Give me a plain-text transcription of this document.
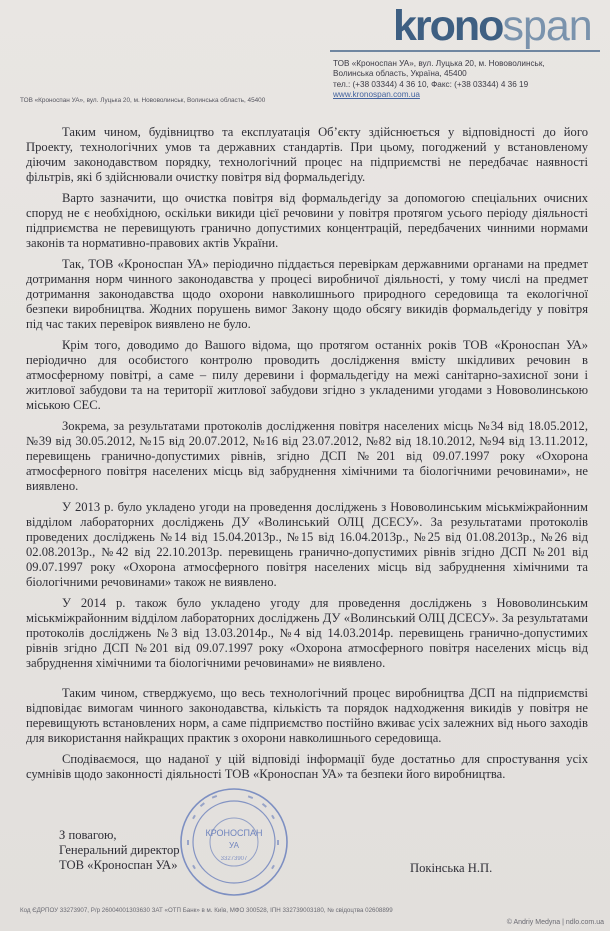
kronospan
ТОВ «Кроноспан УА», вул. Луцька 20, м. Нововолинськ,
Волинська область, Україна, 45400
тел.: (+38 03344) 4 36 10, Факс: (+38 03344) 4 36 19
www.kronospan.com.ua
ТОВ «Кроноспан УА», вул. Луцька 20, м. Нововолинськ, Волинська область, 45400

Таким чином, будівництво та експлуатація Об’єкту здійснюється у відповідності до його Проекту, технологічних умов та державних стандартів. При цьому, погоджений у встановленому діючим законодавством порядку, технологічний процес на підприємстві не передбачає наявності фільтрів, які б здійснювали очистку повітря від формальдегіду.

Варто зазначити, що очистка повітря від формальдегіду за допомогою спеціальних очисних споруд не є необхідною, оскільки викиди цієї речовини у повітря протягом усього періоду діяльності підприємства не перевищують гранично допустимих концентрацій, передбачених чинними нормами законів та нормативно-правових актів України.

Так, ТОВ «Кроноспан УА» періодично піддається перевіркам державними органами на предмет дотримання норм чинного законодавства у процесі виробничої діяльності, у тому числі на предмет дотримання законодавства щодо охорони навколишнього природного середовища та екологічної безпеки виробництва. Жодних порушень вимог Закону щодо обсягу викидів формальдегіду у повітря під час таких перевірок виявлено не було.

Крім того, доводимо до Вашого відома, що протягом останніх років ТОВ «Кроноспан УА» періодично для особистого контролю проводить дослідження вмісту шкідливих речовин в атмосферному повітрі, а саме – пилу деревини і формальдегіду на межі санітарно-захисної зони і житлової забудови та на території житлової забудови згідно з укладеними угодами з Нововолинською міською СЕС.

Зокрема, за результатами протоколів дослідження повітря населених місць №34 від 18.05.2012, №39 від 30.05.2012, №15 від 20.07.2012, №16 від 23.07.2012, №82 від 18.10.2012, №94 від 13.11.2012, перевищень гранично-допустимих рівнів, згідно ДСП №201 від 09.07.1997 року «Охорона атмосферного повітря населених місць від забруднення хімічними та біологічними речовинами», не виявлено.

У 2013 р. було укладено угоди на проведення досліджень з Нововолинським міськміжрайонним відділом лабораторних досліджень ДУ «Волинський ОЛЦ ДСЕСУ». За результатами протоколів проведених досліджень №14 від 15.04.2013р., №15 від 16.04.2013р., №25 від 01.08.2013р., №26 від 02.08.2013р., №42 від 22.10.2013р. перевищень гранично-допустимих рівнів згідно ДСП №201 від 09.07.1997 року «Охорона атмосферного повітря населених місць від забруднення хімічними та біологічними речовинами» також не виявлено.

У 2014 р. також було укладено угоду для проведення досліджень з Нововолинським міськміжрайонним відділом лабораторних досліджень ДУ «Волинський ОЛЦ ДСЕСУ». За результатами протоколів досліджень №3 від 13.03.2014р., №4 від 14.03.2014р. перевищень гранично-допустимих рівнів згідно ДСП №201 від 09.07.1997 року «Охорона атмосферного повітря населених місць від забруднення хімічними та біологічними речовинами» не виявлено.

Таким чином, стверджуємо, що весь технологічний процес виробництва ДСП на підприємстві відповідає вимогам чинного законодавства, кількість та порядок надходження викидів у повітря не перевищують встановлених норм, а саме підприємство постійно вживає усіх залежних від нього заходів для використання найкращих практик з охорони навколишнього середовища.

Сподіваємося, що наданої у цій відповіді інформації буде достатньо для спростування усіх сумнівів щодо законності діяльності ТОВ «Кроноспан УА» та безпеки його виробництва.

З повагою,
Генеральний директор
ТОВ «Кроноспан УА»	Покінська Н.П.
КРОНОСПАН
УА
33273907
Код ЄДРПОУ 33273907, Р/р 26004001303630 ЗАТ «ОТП Банк» в м. Київ, МФО 300528, ІПН 332739003180, № свідоцтва 02608899
© Andriy Medyna | ndlo.com.ua
